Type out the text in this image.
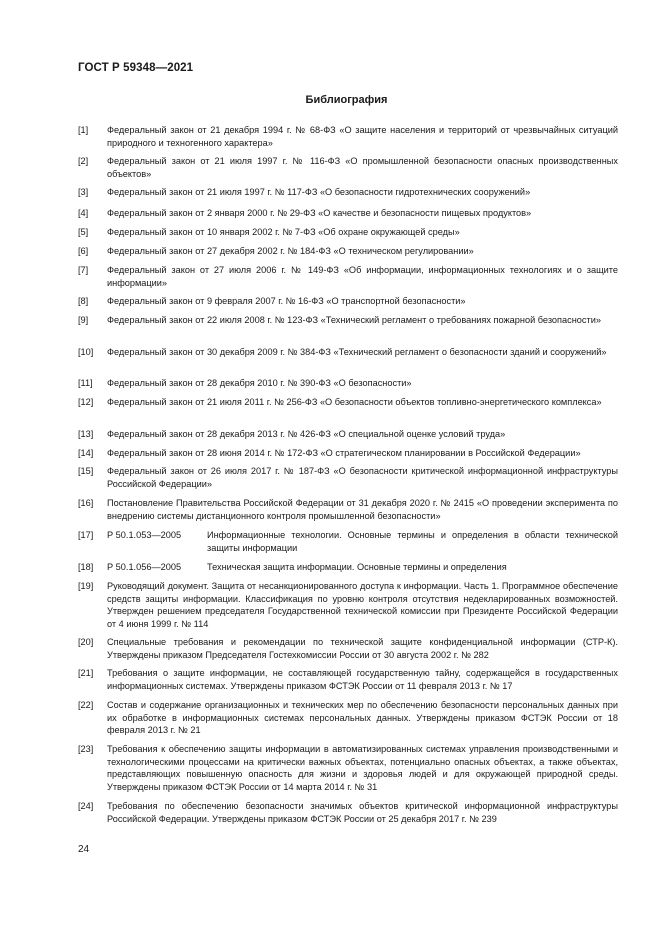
ГОСТ Р 59348—2021
Библиография
[1] Федеральный закон от 21 декабря 1994 г. № 68-ФЗ «О защите населения и территорий от чрезвычайных ситуаций природного и техногенного характера»
[2] Федеральный закон от 21 июля 1997 г. № 116-ФЗ «О промышленной безопасности опасных производственных объектов»
[3] Федеральный закон от 21 июля 1997 г. № 117-ФЗ «О безопасности гидротехнических сооружений»
[4] Федеральный закон от 2 января 2000 г. № 29-ФЗ «О качестве и безопасности пищевых продуктов»
[5] Федеральный закон от 10 января 2002 г. № 7-ФЗ «Об охране окружающей среды»
[6] Федеральный закон от 27 декабря 2002 г. № 184-ФЗ «О техническом регулировании»
[7] Федеральный закон от 27 июля 2006 г. № 149-ФЗ «Об информации, информационных технологиях и о защите информации»
[8] Федеральный закон от 9 февраля 2007 г. № 16-ФЗ «О транспортной безопасности»
[9] Федеральный закон от 22 июля 2008 г. № 123-ФЗ «Технический регламент о требованиях пожарной безопасности»
[10] Федеральный закон от 30 декабря 2009 г. № 384-ФЗ «Технический регламент о безопасности зданий и сооружений»
[11] Федеральный закон от 28 декабря 2010 г. № 390-ФЗ «О безопасности»
[12] Федеральный закон от 21 июля 2011 г. № 256-ФЗ «О безопасности объектов топливно-энергетического комплекса»
[13] Федеральный закон от 28 декабря 2013 г. № 426-ФЗ «О специальной оценке условий труда»
[14] Федеральный закон от 28 июня 2014 г. № 172-ФЗ «О стратегическом планировании в Российской Федерации»
[15] Федеральный закон от 26 июля 2017 г. № 187-ФЗ «О безопасности критической информационной инфраструктуры Российской Федерации»
[16] Постановление Правительства Российской Федерации от 31 декабря 2020 г. № 2415 «О проведении эксперимента по внедрению системы дистанционного контроля промышленной безопасности»
[17] Р 50.1.053—2005	Информационные технологии. Основные термины и определения в области технической защиты информации
[18] Р 50.1.056—2005	Техническая защита информации. Основные термины и определения
[19] Руководящий документ. Защита от несанкционированного доступа к информации. Часть 1. Программное обеспечение средств защиты информации. Классификация по уровню контроля отсутствия недекларированных возможностей. Утвержден решением председателя Государственной технической комиссии при Президенте Российской Федерации от 4 июня 1999 г. № 114
[20] Специальные требования и рекомендации по технической защите конфиденциальной информации (СТР-К). Утверждены приказом Председателя Гостехкомиссии России от 30 августа 2002 г. № 282
[21] Требования о защите информации, не составляющей государственную тайну, содержащейся в государственных информационных системах. Утверждены приказом ФСТЭК России от 11 февраля 2013 г. № 17
[22] Состав и содержание организационных и технических мер по обеспечению безопасности персональных данных при их обработке в информационных системах персональных данных. Утверждены приказом ФСТЭК России от 18 февраля 2013 г. № 21
[23] Требования к обеспечению защиты информации в автоматизированных системах управления производственными и технологическими процессами на критически важных объектах, потенциально опасных объектах, а также объектах, представляющих повышенную опасность для жизни и здоровья людей и для окружающей природной среды. Утверждены приказом ФСТЭК России от 14 марта 2014 г. № 31
[24] Требования по обеспечению безопасности значимых объектов критической информационной инфраструктуры Российской Федерации. Утверждены приказом ФСТЭК России от 25 декабря 2017 г. № 239
24
